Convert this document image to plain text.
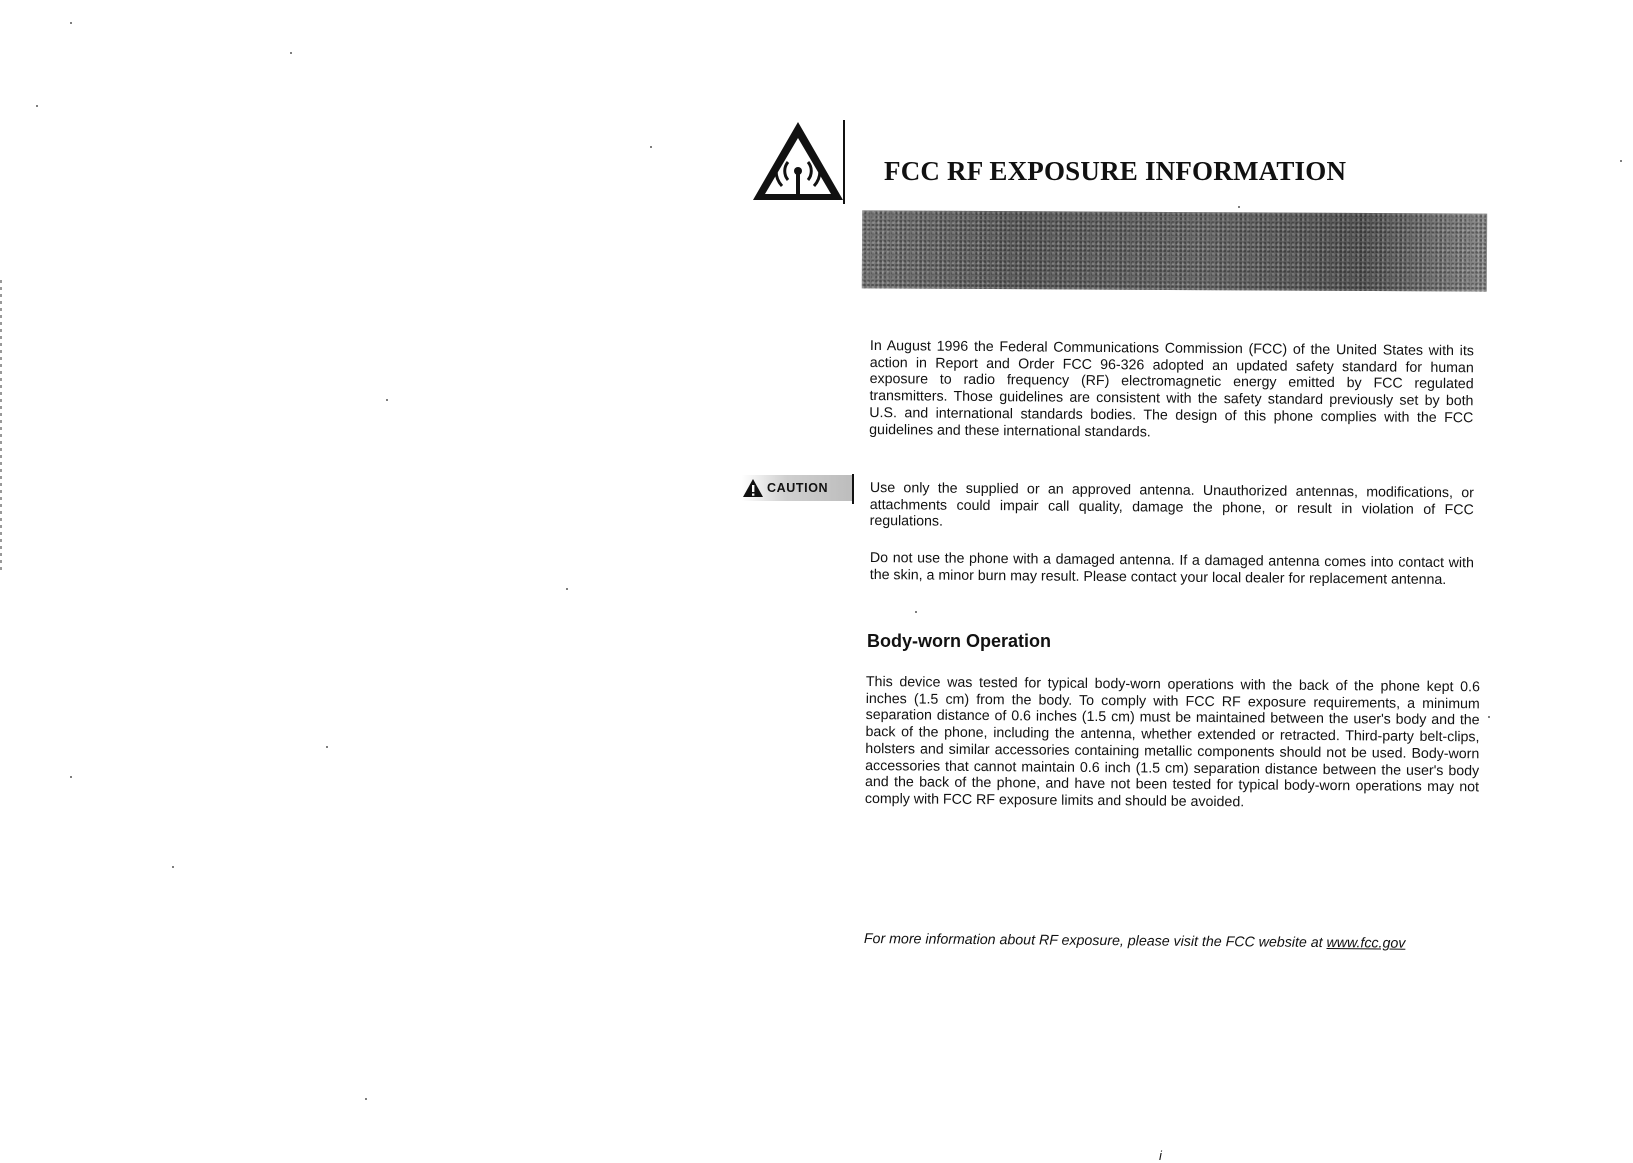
FCC RF EXPOSURE INFORMATION

In August 1996 the Federal Communications Commission (FCC) of the United States with its action in Report and Order FCC 96-326 adopted an updated safety standard for human exposure to radio frequency (RF) electromagnetic energy emitted by FCC regulated transmitters. Those guidelines are consistent with the safety standard previously set by both U.S. and international standards bodies. The design of this phone complies with the FCC guidelines and these international standards.

CAUTION	Use only the supplied or an approved antenna. Unauthorized antennas, modifications, or attachments could impair call quality, damage the phone, or result in violation of FCC regulations.

Do not use the phone with a damaged antenna. If a damaged antenna comes into contact with the skin, a minor burn may result. Please contact your local dealer for replacement antenna.

Body-worn Operation

This device was tested for typical body-worn operations with the back of the phone kept 0.6 inches (1.5 cm) from the body. To comply with FCC RF exposure requirements, a minimum separation distance of 0.6 inches (1.5 cm) must be maintained between the user's body and the back of the phone, including the antenna, whether extended or retracted. Third-party belt-clips, holsters and similar accessories containing metallic components should not be used. Body-worn accessories that cannot maintain 0.6 inch (1.5 cm) separation distance between the user's body and the back of the phone, and have not been tested for typical body-worn operations may not comply with FCC RF exposure limits and should be avoided.

For more information about RF exposure, please visit the FCC website at www.fcc.gov

i
